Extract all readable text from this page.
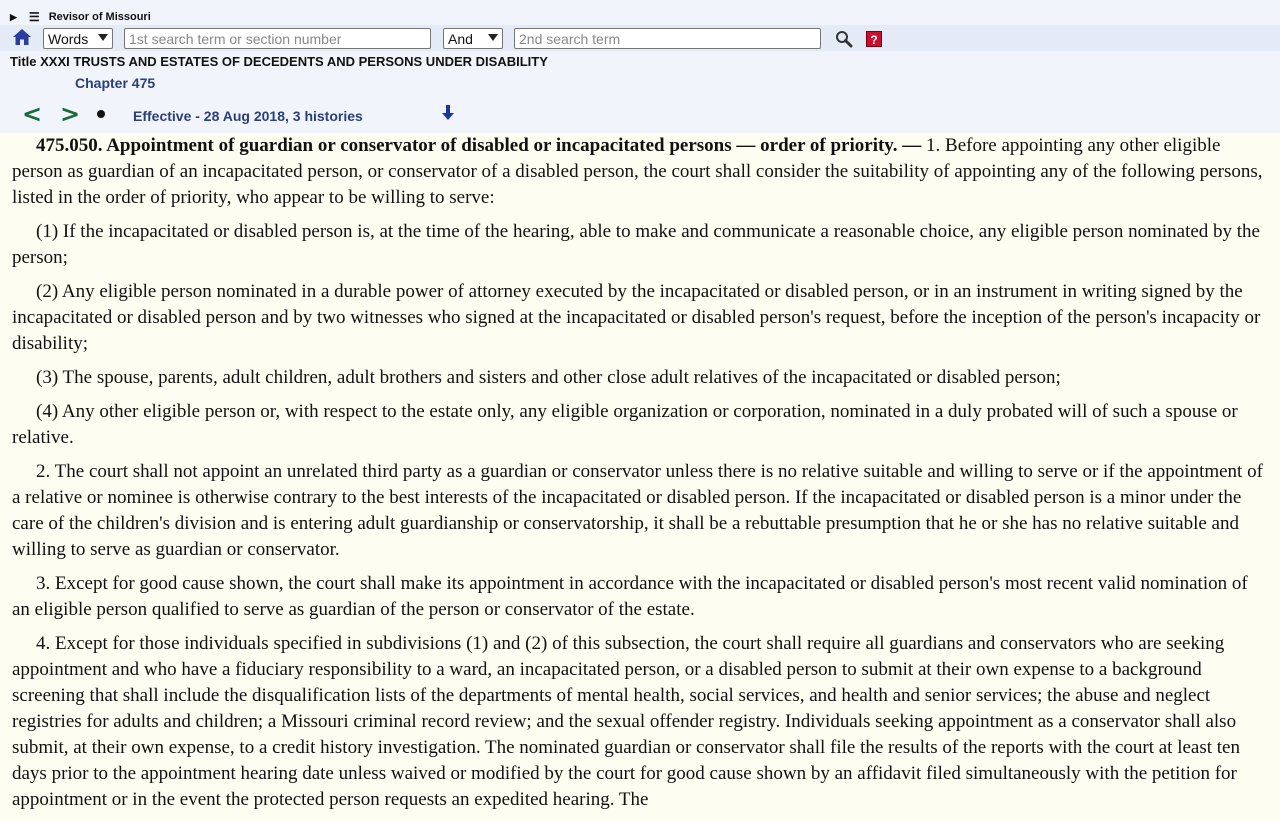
▶ ☰ Revisor of Missouri
Words
1st search term or section number
And
2nd search term
?
Title XXXI TRUSTS AND ESTATES OF DECEDENTS AND PERSONS UNDER DISABILITY
Chapter 475
< >	Effective - 28 Aug 2018, 3 histories

475.050. Appointment of guardian or conservator of disabled or incapacitated persons — order of priority. — 1. Before appointing any other eligible person as guardian of an incapacitated person, or conservator of a disabled person, the court shall consider the suitability of appointing any of the following persons, listed in the order of priority, who appear to be willing to serve:

(1) If the incapacitated or disabled person is, at the time of the hearing, able to make and communicate a reasonable choice, any eligible person nominated by the person;

(2) Any eligible person nominated in a durable power of attorney executed by the incapacitated or disabled person, or in an instrument in writing signed by the incapacitated or disabled person and by two witnesses who signed at the incapacitated or disabled person's request, before the inception of the person's incapacity or disability;

(3) The spouse, parents, adult children, adult brothers and sisters and other close adult relatives of the incapacitated or disabled person;

(4) Any other eligible person or, with respect to the estate only, any eligible organization or corporation, nominated in a duly probated will of such a spouse or relative.

2. The court shall not appoint an unrelated third party as a guardian or conservator unless there is no relative suitable and willing to serve or if the appointment of a relative or nominee is otherwise contrary to the best interests of the incapacitated or disabled person. If the incapacitated or disabled person is a minor under the care of the children's division and is entering adult guardianship or conservatorship, it shall be a rebuttable presumption that he or she has no relative suitable and willing to serve as guardian or conservator.

3. Except for good cause shown, the court shall make its appointment in accordance with the incapacitated or disabled person's most recent valid nomination of an eligible person qualified to serve as guardian of the person or conservator of the estate.

4. Except for those individuals specified in subdivisions (1) and (2) of this subsection, the court shall require all guardians and conservators who are seeking appointment and who have a fiduciary responsibility to a ward, an incapacitated person, or a disabled person to submit at their own expense to a background screening that shall include the disqualification lists of the departments of mental health, social services, and health and senior services; the abuse and neglect registries for adults and children; a Missouri criminal record review; and the sexual offender registry. Individuals seeking appointment as a conservator shall also submit, at their own expense, to a credit history investigation. The nominated guardian or conservator shall file the results of the reports with the court at least ten days prior to the appointment hearing date unless waived or modified by the court for good cause shown by an affidavit filed simultaneously with the petition for appointment or in the event the protected person requests an expedited hearing. The
